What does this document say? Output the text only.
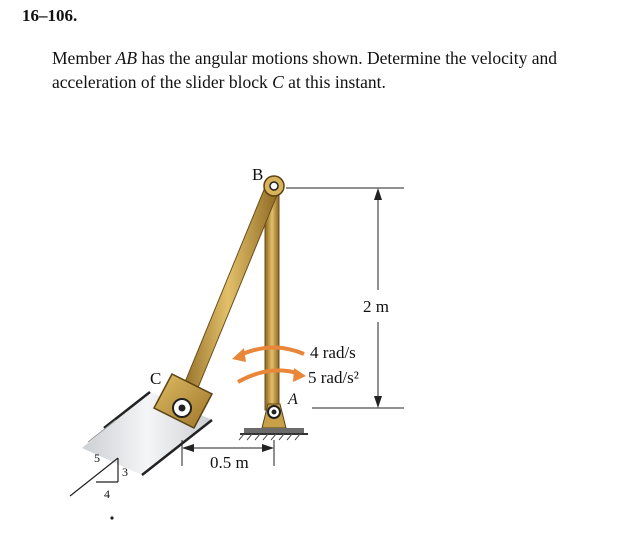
16–106.
Member AB has the angular motions shown. Determine the velocity and acceleration of the slider block C at this instant.
B
C
A
2 m
4 rad/s
5 rad/s²
0.5 m
5
3
4
